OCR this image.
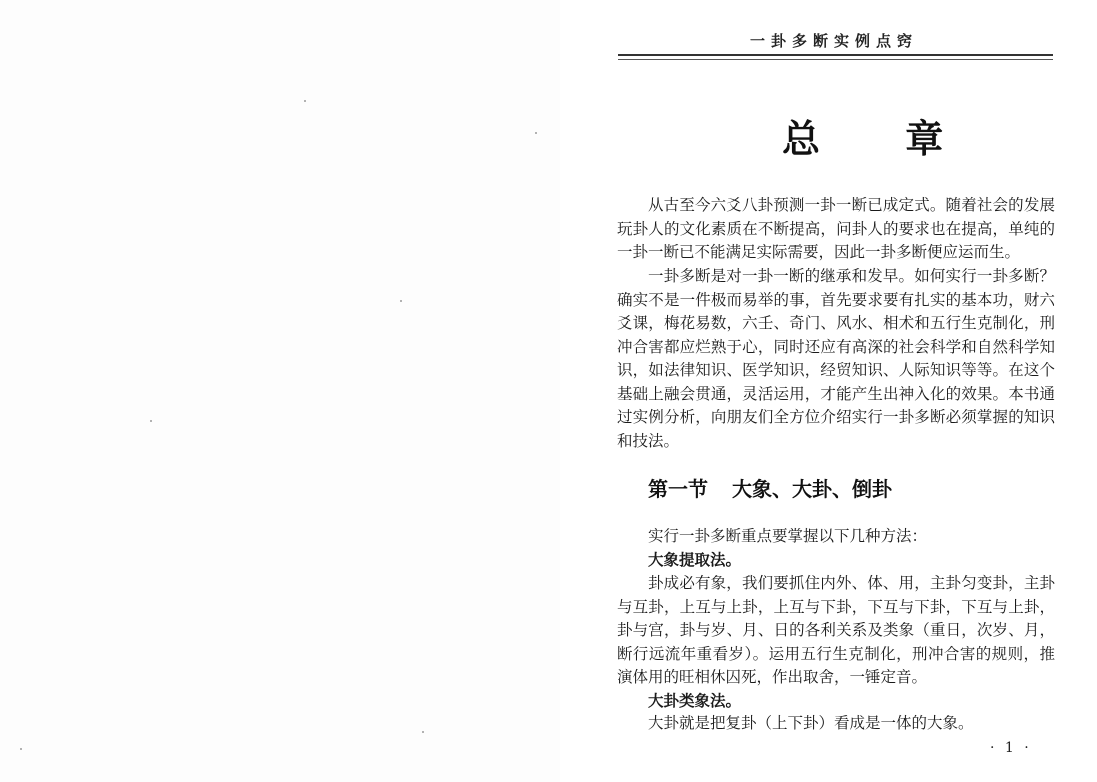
一卦多断实例点窍
总 章
从古至今六爻八卦预测一卦一断已成定式。随着社会的发展玩卦人的文化素质在不断提高，问卦人的要求也在提高，单纯的一卦一断已不能满足实际需要，因此一卦多断便应运而生。
一卦多断是对一卦一断的继承和发早。如何实行一卦多断？确实不是一件极而易举的事，首先要求要有扎实的基本功，财六爻课，梅花易数，六壬、奇门、风水、相术和五行生克制化，刑冲合害都应烂熟于心，同时还应有高深的社会科学和自然科学知识，如法律知识、医学知识，经贸知识、人际知识等等。在这个基础上融会贯通，灵活运用，才能产生出神入化的效果。本书通过实例分析，向朋友们全方位介绍实行一卦多断必须掌握的知识和技法。
第一节 大象、大卦、倒卦
实行一卦多断重点要掌握以下几种方法：
大象提取法。
卦成必有象，我们要抓住内外、体、用，主卦匀变卦，主卦与互卦，上互与上卦，上互与下卦，下互与下卦，下互与上卦，卦与宫，卦与岁、月、日的各利关系及类象（重日，次岁、月，断行远流年重看岁）。运用五行生克制化，刑冲合害的规则，推演体用的旺相休囚死，作出取舍，一锤定音。
大卦类象法。
大卦就是把复卦（上下卦）看成是一体的大象。
· 1 ·
